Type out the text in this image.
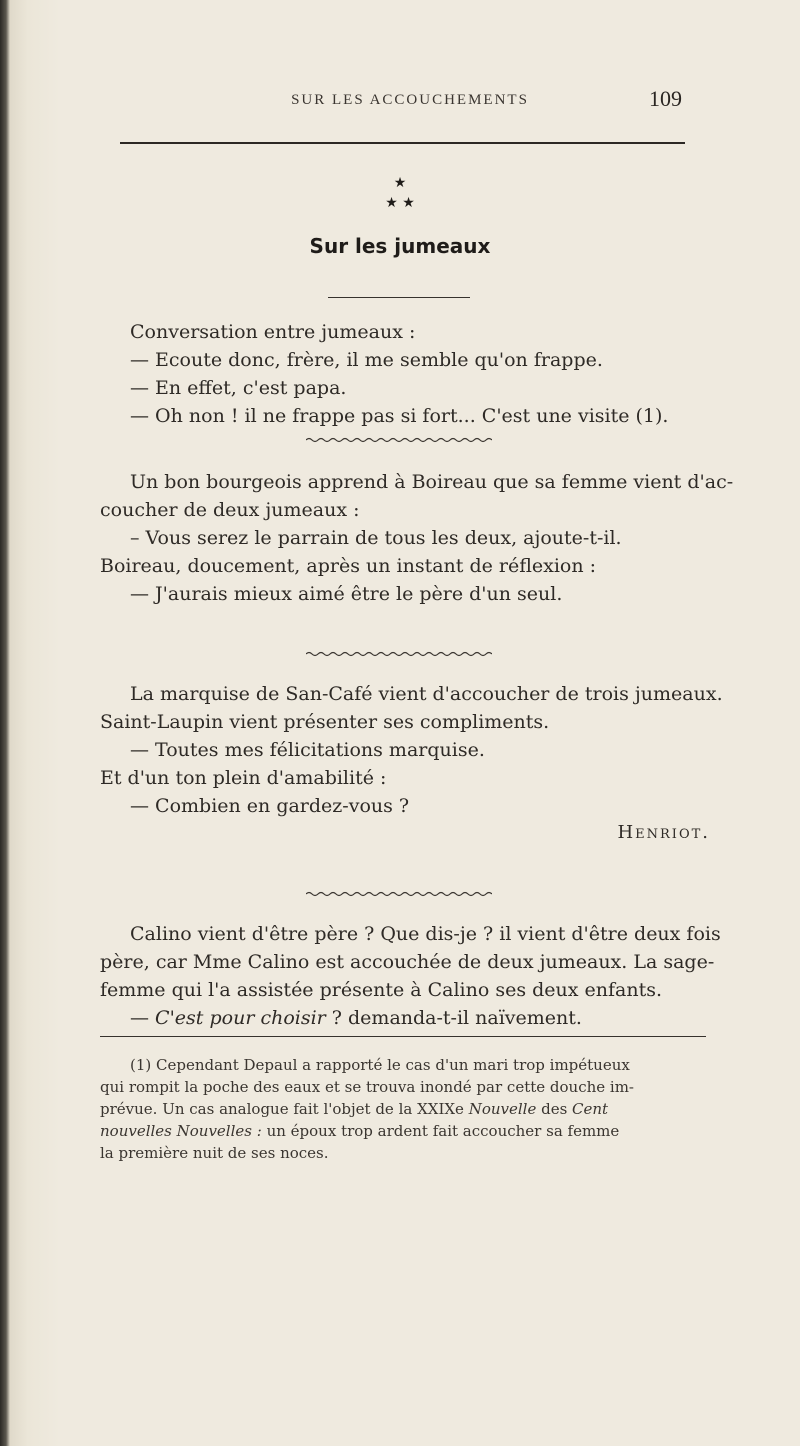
SUR LES ACCOUCHEMENTS	109
★
★ ★
Sur les jumeaux
Conversation entre jumeaux :
— Ecoute donc, frère, il me semble qu'on frappe.
— En effet, c'est papa.
— Oh non ! il ne frappe pas si fort... C'est une visite (1).
Un bon bourgeois apprend à Boireau que sa femme vient d'ac-
coucher de deux jumeaux :
– Vous serez le parrain de tous les deux, ajoute-t-il.
Boireau, doucement, après un instant de réflexion :
— J'aurais mieux aimé être le père d'un seul.
La marquise de San-Café vient d'accoucher de trois jumeaux.
Saint-Laupin vient présenter ses compliments.
— Toutes mes félicitations marquise.
Et d'un ton plein d'amabilité :
— Combien en gardez-vous ?
Henriot.
Calino vient d'être père ? Que dis-je ? il vient d'être deux fois
père, car Mme Calino est accouchée de deux jumeaux. La sage-
femme qui l'a assistée présente à Calino ses deux enfants.
— C'est pour choisir ? demanda-t-il naïvement.
(1) Cependant Depaul a rapporté le cas d'un mari trop impétueux
qui rompit la poche des eaux et se trouva inondé par cette douche im-
prévue. Un cas analogue fait l'objet de la XXIXe Nouvelle des Cent
nouvelles Nouvelles : un époux trop ardent fait accoucher sa femme
la première nuit de ses noces.
